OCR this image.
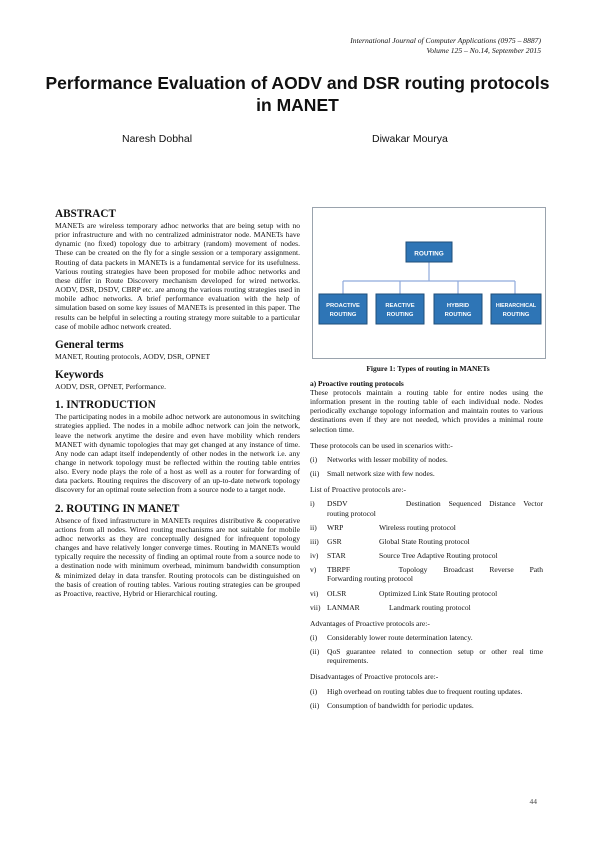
International Journal of Computer Applications (0975 – 8887)
Volume 125 – No.14, September 2015
Performance Evaluation of AODV and DSR routing protocols in MANET
Naresh Dobhal	Diwakar Mourya
ABSTRACT

MANETs are wireless temporary adhoc networks that are being setup with no prior infrastructure and with no centralized administrator node. MANETs have dynamic (no fixed) topology due to arbitrary (random) movement of nodes. These can be created on the fly for a single session or a temporary assignment. Routing of data packets in MANETs is a fundamental service for its usefulness. Various routing strategies have been proposed for mobile adhoc networks and these differ in Route Discovery mechanism developed for wired networks. AODV, DSR, DSDV, CBRP etc. are among the various routing strategies used in mobile adhoc networks. A brief performance evaluation with the help of simulation based on some key issues of MANETs is presented in this paper. The results can be helpful in selecting a routing strategy more suitable to a particular case of mobile adhoc network created.

General terms

MANET, Routing protocols, AODV, DSR, OPNET

Keywords

AODV, DSR, OPNET, Performance.

1. INTRODUCTION

The participating nodes in a mobile adhoc network are autonomous in switching strategies applied. The nodes in a mobile adhoc network can join the network, leave the network anytime the desire and even have mobility which renders MANET with dynamic topologies that may get changed at any instance of time. Any node can adapt itself independently of other nodes in the network i.e. any change in network topology must be reflected within the routing table entries also. Every node plays the role of a host as well as a router for forwarding of data packets. Routing requires the discovery of an up-to-date network topology discovery for an optimal route selection from a source node to a target node.

2. ROUTING IN MANET

Absence of fixed infrastructure in MANETs requires distributive & cooperative actions from all nodes. Wired routing mechanisms are not suitable for mobile adhoc networks as they are conceptually designed for infrequent topology changes and have relatively longer converge times. Routing in MANETs would typically require the necessity of finding an optimal route from a source node to a destination node with minimum overhead, minimum bandwidth consumption & minimized delay in data transfer. Routing protocols can be distinguished on the basis of creation of routing tables. Various routing strategies can be grouped as Proactive, reactive, Hybrid or Hierarchical routing.

ROUTING
PROACTIVE
ROUTING
REACTIVE
ROUTING
HYBRID
ROUTING
HIERARCHICAL
ROUTING
Figure 1: Types of routing in MANETs
a) Proactive routing protocols

These protocols maintain a routing table for entire nodes using the information present in the routing table of each individual node. Nodes periodically exchange topology information and maintain routes to various destinations even if they are not needed, which provides a minimal route selection time.

These protocols can be used in scenarios with:-

(i)	Networks with lesser mobility of nodes.
(ii)	Small network size with few nodes.

List of Proactive protocols are:-

i)	DSDV	Destination Sequenced Distance Vector
routing protocol
ii)	WRP	Wireless routing protocol
iii)	GSR	Global State Routing protocol
iv)	STAR	Source Tree Adaptive Routing protocol
v)	TBRPF	Topology Broadcast Reverse Path
Forwarding routing protocol
vi)	OLSR	Optimized Link State Routing protocol
vii) LANMAR	Landmark routing protocol

Advantages of Proactive protocols are:-

(i)	Considerably lower route determination latency.
(ii)	QoS guarantee related to connection setup or other real time requirements.

Disadvantages of Proactive protocols are:-

(i)	High overhead on routing tables due to frequent routing updates.
(ii)	Consumption of bandwidth for periodic updates.
44
